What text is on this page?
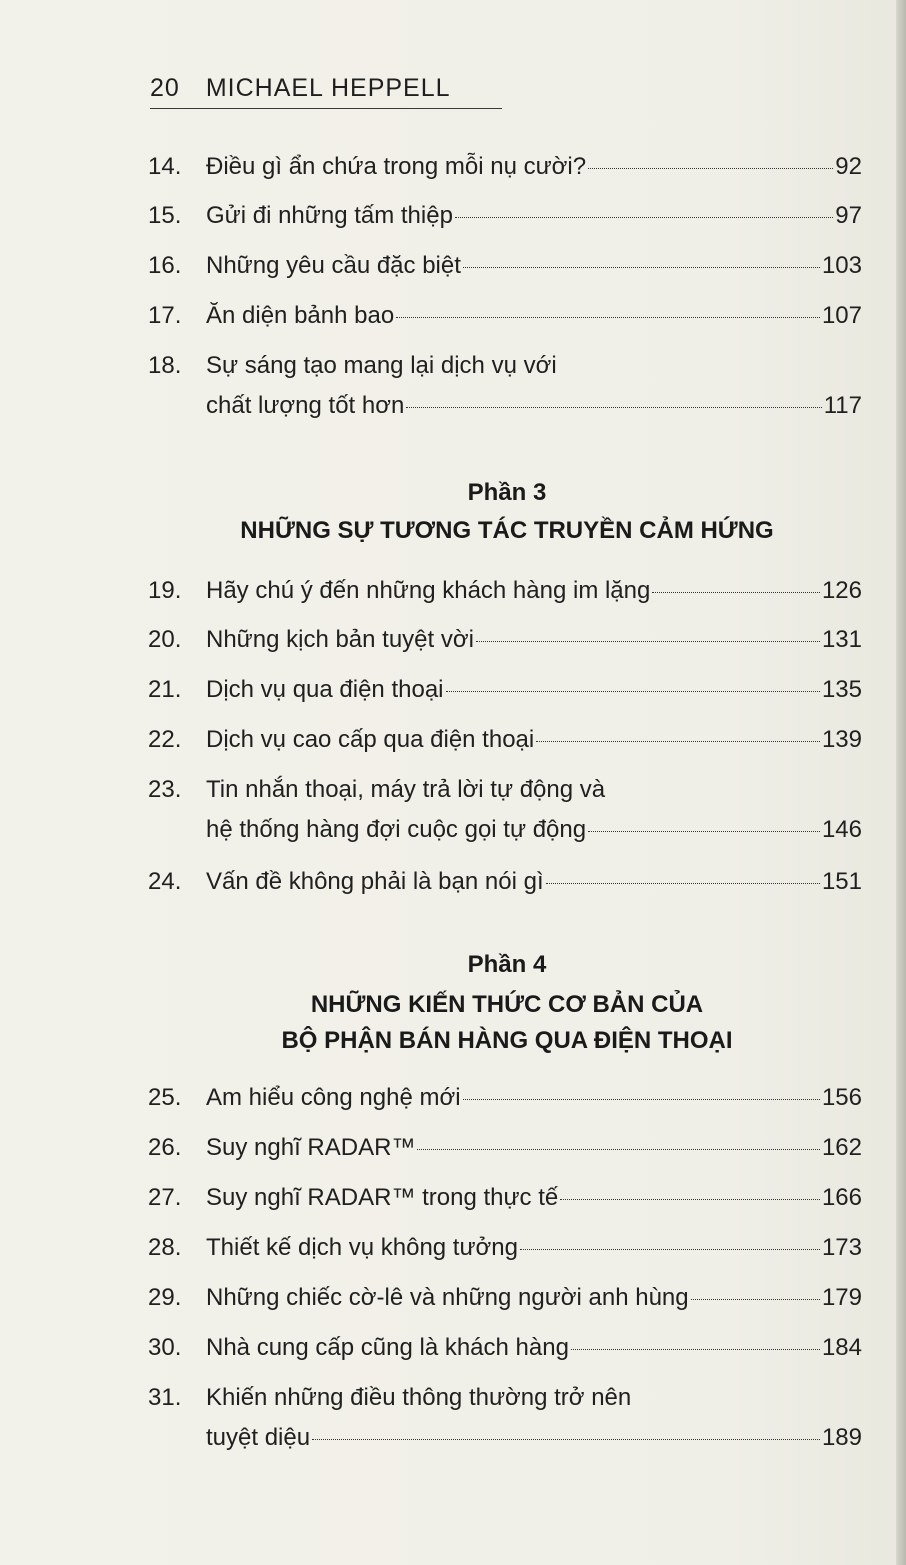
20 MICHAEL HEPPELL
14. Điều gì ẩn chứa trong mỗi nụ cười?	92
15. Gửi đi những tấm thiệp	97
16. Những yêu cầu đặc biệt	103
17. Ăn diện bảnh bao	107
18. Sự sáng tạo mang lại dịch vụ với
chất lượng tốt hơn	117
Phần 3
NHỮNG SỰ TƯƠNG TÁC TRUYỀN CẢM HỨNG
19. Hãy chú ý đến những khách hàng im lặng	126
20. Những kịch bản tuyệt vời	131
21. Dịch vụ qua điện thoại	135
22. Dịch vụ cao cấp qua điện thoại	139
23. Tin nhắn thoại, máy trả lời tự động và
hệ thống hàng đợi cuộc gọi tự động	146
24. Vấn đề không phải là bạn nói gì	151
Phần 4
NHỮNG KIẾN THỨC CƠ BẢN CỦA
BỘ PHẬN BÁN HÀNG QUA ĐIỆN THOẠI
25. Am hiểu công nghệ mới	156
26. Suy nghĩ RADAR™	162
27. Suy nghĩ RADAR™ trong thực tế	166
28. Thiết kế dịch vụ không tưởng	173
29. Những chiếc cờ-lê và những người anh hùng	179
30. Nhà cung cấp cũng là khách hàng	184
31. Khiến những điều thông thường trở nên
tuyệt diệu	189
